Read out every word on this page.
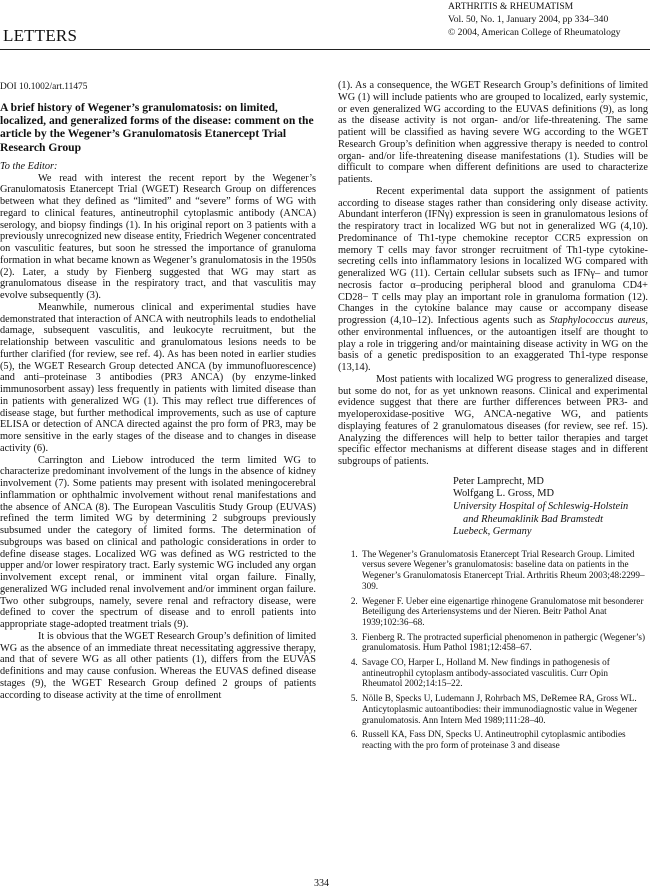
ARTHRITIS & RHEUMATISM
Vol. 50, No. 1, January 2004, pp 334–340
© 2004, American College of Rheumatology
LETTERS
DOI 10.1002/art.11475
A brief history of Wegener’s granulomatosis: on limited, localized, and generalized forms of the disease: comment on the article by the Wegener’s Granulomatosis Etanercept Trial Research Group
To the Editor:

We read with interest the recent report by the Wegener’s Granulomatosis Etanercept Trial (WGET) Research Group on differences between what they defined as “limited” and “severe” forms of WG with regard to clinical features, antineutrophil cytoplasmic antibody (ANCA) serology, and biopsy findings (1). In his original report on 3 patients with a previously unrecognized new disease entity, Friedrich Wegener concentrated on vasculitic features, but soon he stressed the importance of granuloma formation in what became known as Wegener’s granulomatosis in the 1950s (2). Later, a study by Fienberg suggested that WG may start as granulomatous disease in the respiratory tract, and that vasculitis may evolve subsequently (3).

Meanwhile, numerous clinical and experimental studies have demonstrated that interaction of ANCA with neutrophils leads to endothelial damage, subsequent vasculitis, and leukocyte recruitment, but the relationship between vasculitic and granulomatous lesions needs to be further clarified (for review, see ref. 4). As has been noted in earlier studies (5), the WGET Research Group detected ANCA (by immunofluorescence) and anti–proteinase 3 antibodies (PR3 ANCA) (by enzyme-linked immunosorbent assay) less frequently in patients with limited disease than in patients with generalized WG (1). This may reflect true differences of disease stage, but further methodical improvements, such as use of capture ELISA or detection of ANCA directed against the pro form of PR3, may be more sensitive in the early stages of the disease and to changes in disease activity (6).

Carrington and Liebow introduced the term limited WG to characterize predominant involvement of the lungs in the absence of kidney involvement (7). Some patients may present with isolated meningocerebral inflammation or ophthalmic involvement without renal manifestations and the absence of ANCA (8). The European Vasculitis Study Group (EUVAS) refined the term limited WG by determining 2 subgroups previously subsumed under the category of limited forms. The determination of subgroups was based on clinical and pathologic considerations in order to define disease stages. Localized WG was defined as WG restricted to the upper and/or lower respiratory tract. Early systemic WG included any organ involvement except renal, or imminent vital organ failure. Finally, generalized WG included renal involvement and/or imminent organ failure. Two other subgroups, namely, severe renal and refractory disease, were defined to cover the spectrum of disease and to enroll patients into appropriate stage-adopted treatment trials (9).

It is obvious that the WGET Research Group’s definition of limited WG as the absence of an immediate threat necessitating aggressive therapy, and that of severe WG as all other patients (1), differs from the EUVAS definitions and may cause confusion. Whereas the EUVAS defined disease stages (9), the WGET Research Group defined 2 groups of patients according to disease activity at the time of enrollment

(1). As a consequence, the WGET Research Group’s definitions of limited WG (1) will include patients who are grouped to localized, early systemic, or even generalized WG according to the EUVAS definitions (9), as long as the disease activity is not organ- and/or life-threatening. The same patient will be classified as having severe WG according to the WGET Research Group’s definition when aggressive therapy is needed to control organ- and/or life-threatening disease manifestations (1). Studies will be difficult to compare when different definitions are used to characterize patients.

Recent experimental data support the assignment of patients according to disease stages rather than considering only disease activity. Abundant interferon (IFNγ) expression is seen in granulomatous lesions of the respiratory tract in localized WG but not in generalized WG (4,10). Predominance of Th1-type chemokine receptor CCR5 expression on memory T cells may favor stronger recruitment of Th1-type cytokine-secreting cells into inflammatory lesions in localized WG compared with generalized WG (11). Certain cellular subsets such as IFNγ– and tumor necrosis factor α–producing peripheral blood and granuloma CD4+ CD28− T cells may play an important role in granuloma formation (12). Changes in the cytokine balance may cause or accompany disease progression (4,10–12). Infectious agents such as Staphylococcus aureus, other environmental influences, or the autoantigen itself are thought to play a role in triggering and/or maintaining disease activity in WG on the basis of a genetic predisposition to an exaggerated Th1-type response (13,14).

Most patients with localized WG progress to generalized disease, but some do not, for as yet unknown reasons. Clinical and experimental evidence suggest that there are further differences between PR3- and myeloperoxidase-positive WG, ANCA-negative WG, and patients displaying features of 2 granulomatous diseases (for review, see ref. 15). Analyzing the differences will help to better tailor therapies and target specific effector mechanisms at different disease stages and in different subgroups of patients.

Peter Lamprecht, MD
Wolfgang L. Gross, MD
University Hospital of Schleswig-Holstein
and Rheumaklinik Bad Bramstedt
Luebeck, Germany
1. The Wegener’s Granulomatosis Etanercept Trial Research Group. Limited versus severe Wegener’s granulomatosis: baseline data on patients in the Wegener’s Granulomatosis Etanercept Trial. Arthritis Rheum 2003;48:2299–309.
2. Wegener F. Ueber eine eigenartige rhinogene Granulomatose mit besonderer Beteiligung des Arteriensystems und der Nieren. Beitr Pathol Anat 1939;102:36–68.
3. Fienberg R. The protracted superficial phenomenon in pathergic (Wegener’s) granulomatosis. Hum Pathol 1981;12:458–67.
4. Savage CO, Harper L, Holland M. New findings in pathogenesis of antineutrophil cytoplasm antibody-associated vasculitis. Curr Opin Rheumatol 2002;14:15–22.
5. Nölle B, Specks U, Ludemann J, Rohrbach MS, DeRemee RA, Gross WL. Anticytoplasmic autoantibodies: their immunodiagnostic value in Wegener granulomatosis. Ann Intern Med 1989;111:28–40.
6. Russell KA, Fass DN, Specks U. Antineutrophil cytoplasmic antibodies reacting with the pro form of proteinase 3 and disease
334
